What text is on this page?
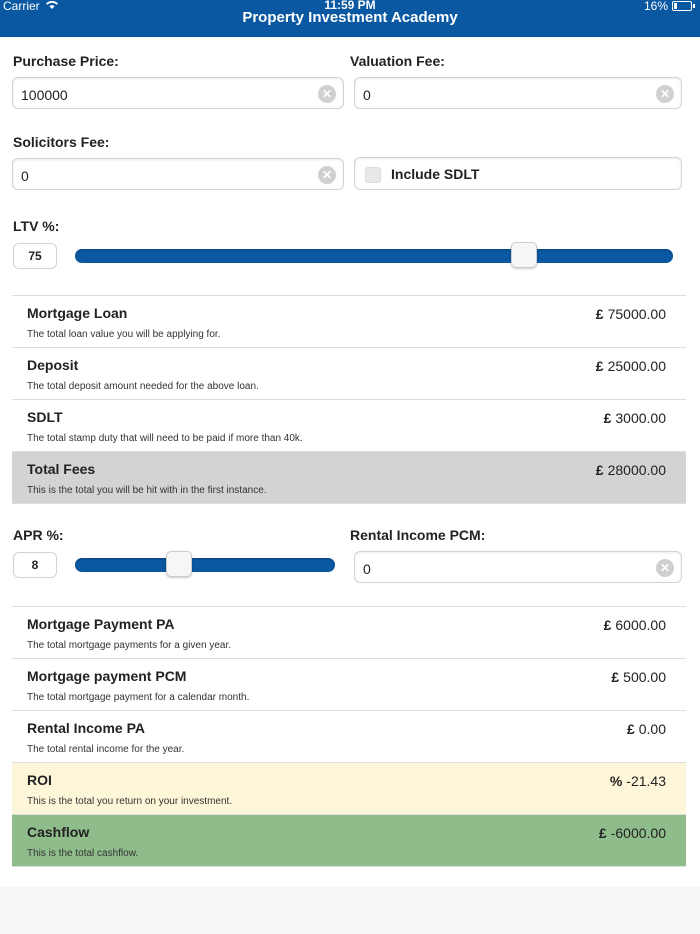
Carrier	11:59 PM	16%
Property Investment Academy
Purchase Price:
100000
✕
Valuation Fee:
0
✕
Solicitors Fee:
0
✕	Include SDLT
LTV %:
75
Mortgage Loan
The total loan value you will be applying for.
£ 75000.00
Deposit
The total deposit amount needed for the above loan.
£ 25000.00
SDLT
The total stamp duty that will need to be paid if more than 40k.
£ 3000.00
Total Fees
This is the total you will be hit with in the first instance.
£ 28000.00
APR %:
8
Rental Income PCM:
0
✕
Mortgage Payment PA
The total mortgage payments for a given year.
£ 6000.00
Mortgage payment PCM
The total mortgage payment for a calendar month.
£ 500.00
Rental Income PA
The total rental income for the year.
£ 0.00
ROI
This is the total you return on your investment.
% -21.43
Cashflow
This is the total cashflow.
£ -6000.00
